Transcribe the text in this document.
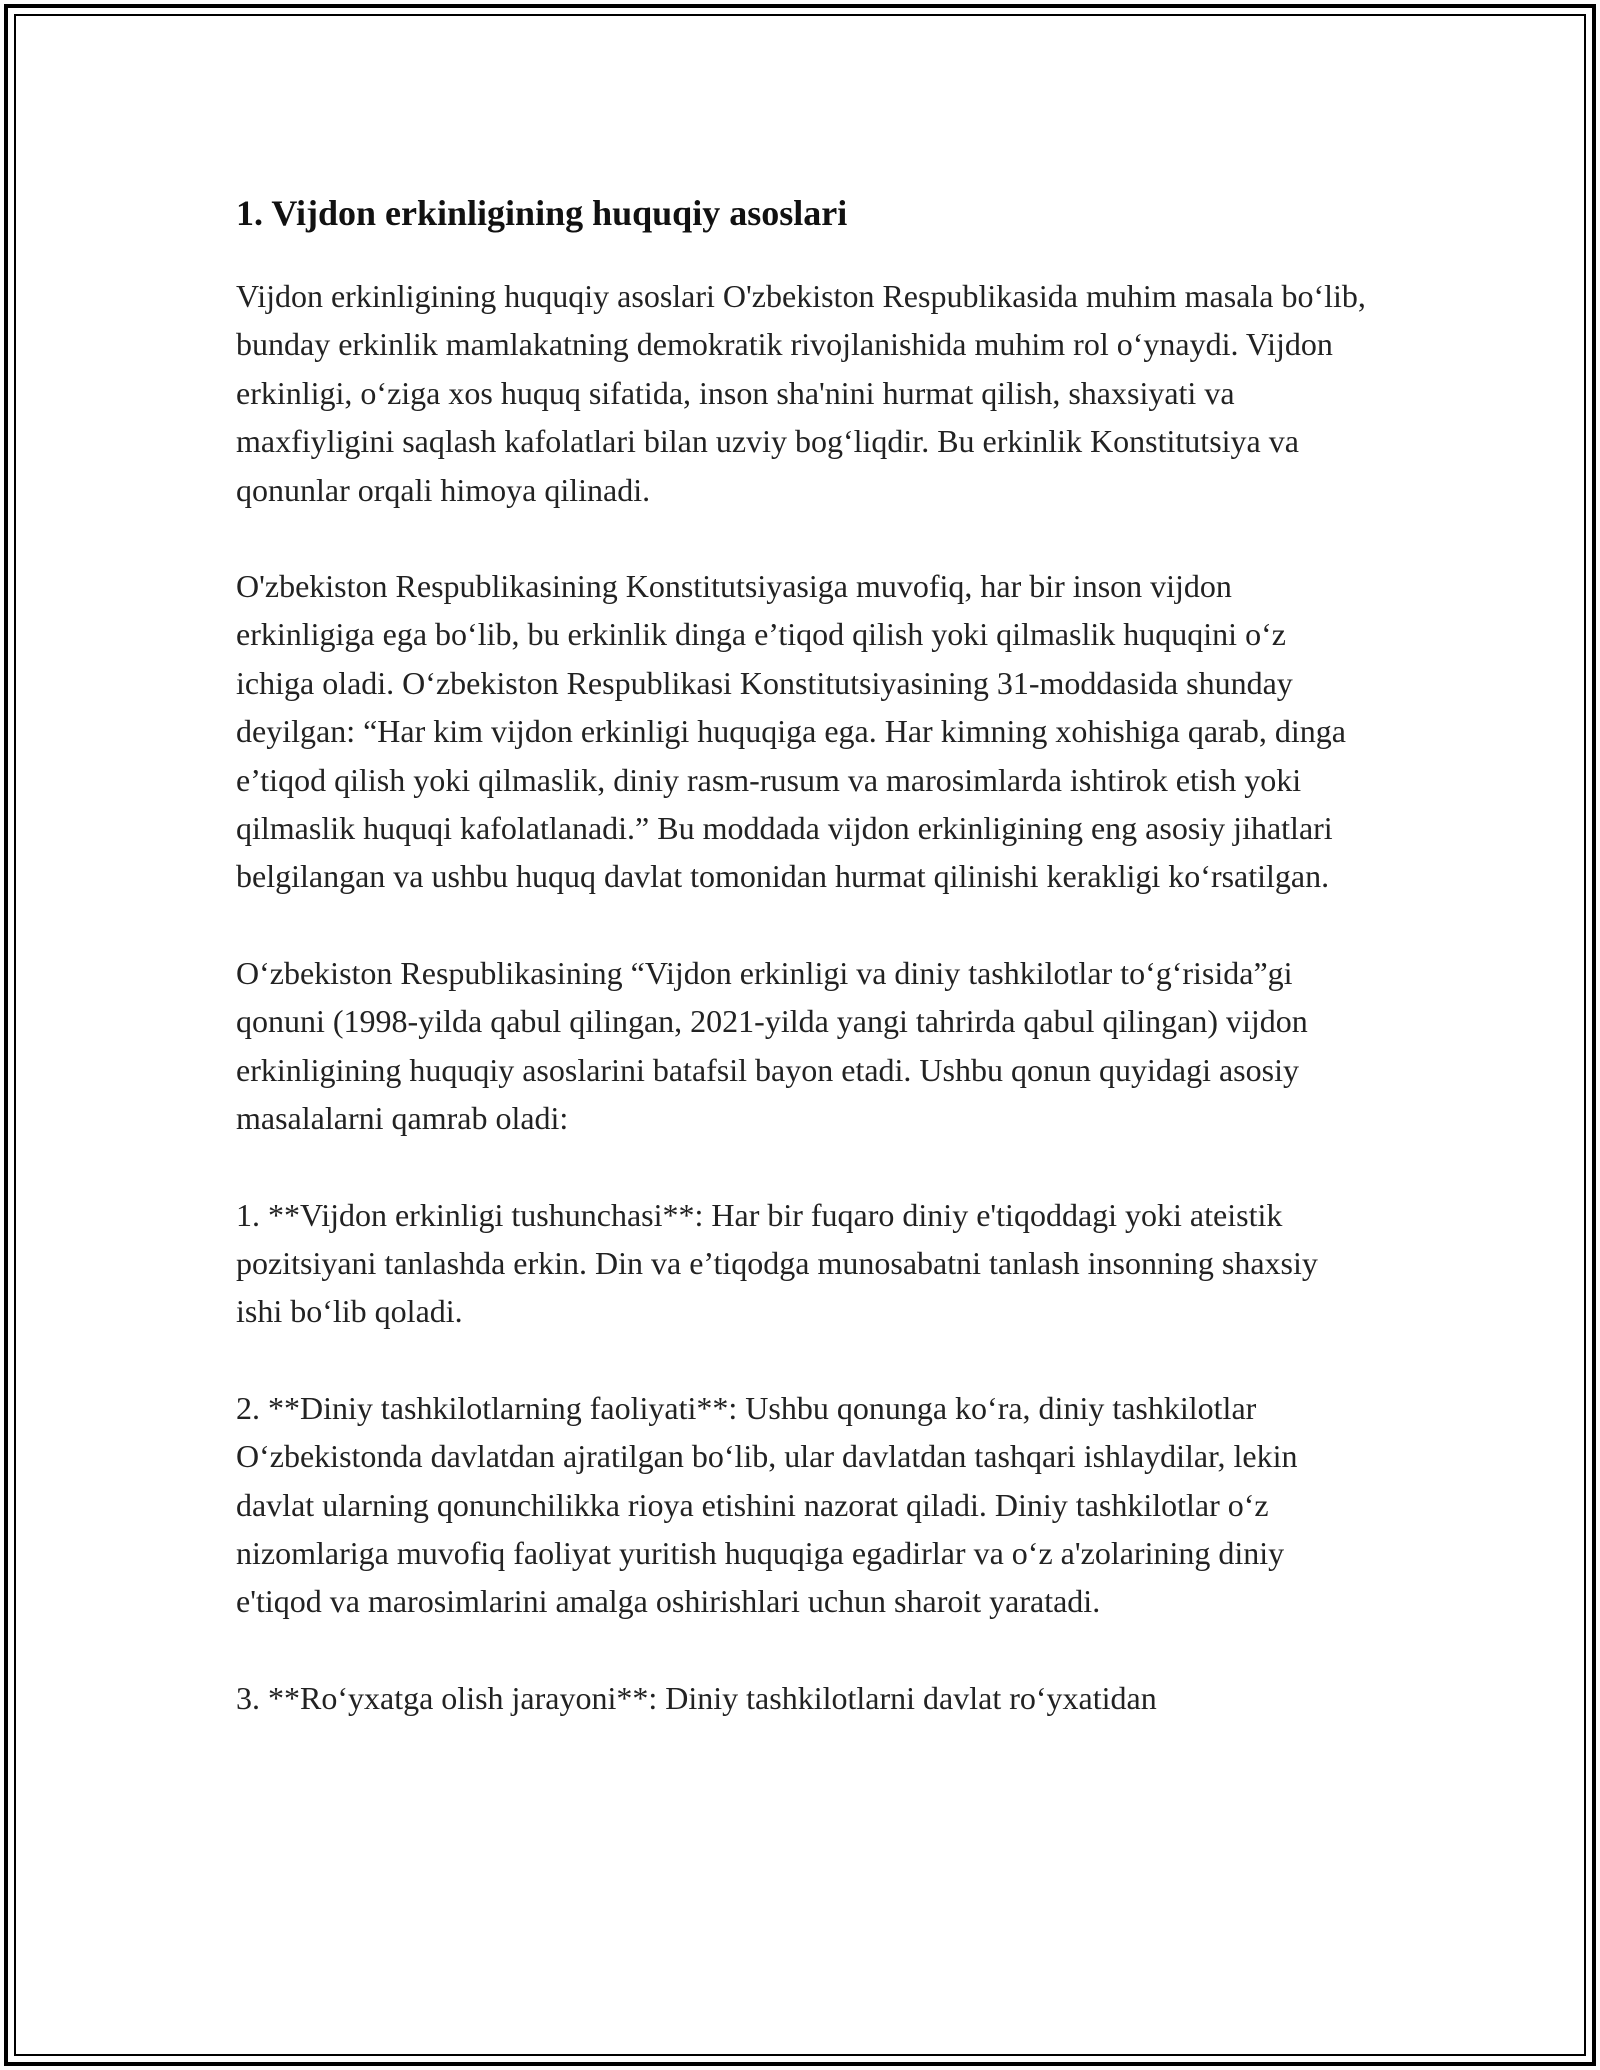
1. Vijdon erkinligining huquqiy asoslari

Vijdon erkinligining huquqiy asoslari O'zbekiston Respublikasida muhim masala bo‘lib, bunday erkinlik mamlakatning demokratik rivojlanishida muhim rol o‘ynaydi. Vijdon erkinligi, o‘ziga xos huquq sifatida, inson sha'nini hurmat qilish, shaxsiyati va maxfiyligini saqlash kafolatlari bilan uzviy bog‘liqdir. Bu erkinlik Konstitutsiya va qonunlar orqali himoya qilinadi.

O'zbekiston Respublikasining Konstitutsiyasiga muvofiq, har bir inson vijdon erkinligiga ega bo‘lib, bu erkinlik dinga e’tiqod qilish yoki qilmaslik huquqini o‘z ichiga oladi. O‘zbekiston Respublikasi Konstitutsiyasining 31-moddasida shunday deyilgan: “Har kim vijdon erkinligi huquqiga ega. Har kimning xohishiga qarab, dinga e’tiqod qilish yoki qilmaslik, diniy rasm-rusum va marosimlarda ishtirok etish yoki qilmaslik huquqi kafolatlanadi.” Bu moddada vijdon erkinligining eng asosiy jihatlari belgilangan va ushbu huquq davlat tomonidan hurmat qilinishi kerakligi ko‘rsatilgan.

O‘zbekiston Respublikasining “Vijdon erkinligi va diniy tashkilotlar to‘g‘risida”gi qonuni (1998-yilda qabul qilingan, 2021-yilda yangi tahrirda qabul qilingan) vijdon erkinligining huquqiy asoslarini batafsil bayon etadi. Ushbu qonun quyidagi asosiy masalalarni qamrab oladi:

1. **Vijdon erkinligi tushunchasi**: Har bir fuqaro diniy e'tiqoddagi yoki ateistik pozitsiyani tanlashda erkin. Din va e’tiqodga munosabatni tanlash insonning shaxsiy ishi bo‘lib qoladi.

2. **Diniy tashkilotlarning faoliyati**: Ushbu qonunga ko‘ra, diniy tashkilotlar O‘zbekistonda davlatdan ajratilgan bo‘lib, ular davlatdan tashqari ishlaydilar, lekin davlat ularning qonunchilikka rioya etishini nazorat qiladi. Diniy tashkilotlar o‘z nizomlariga muvofiq faoliyat yuritish huquqiga egadirlar va o‘z a'zolarining diniy e'tiqod va marosimlarini amalga oshirishlari uchun sharoit yaratadi.

3. **Ro‘yxatga olish jarayoni**: Diniy tashkilotlarni davlat ro‘yxatidan
